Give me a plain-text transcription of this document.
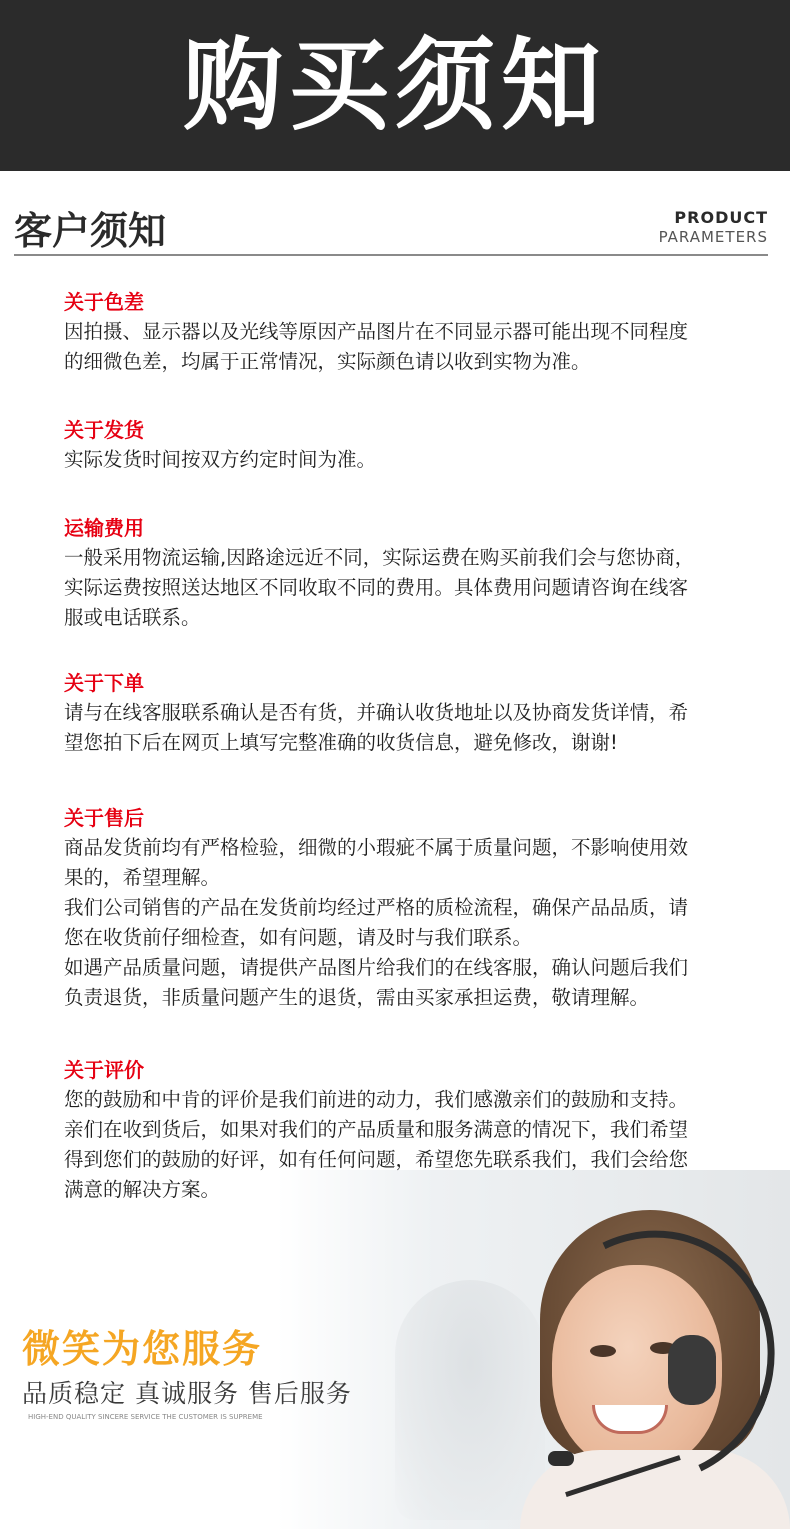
购买须知
客户须知	PRODUCT
PARAMETERS

关于色差

因拍摄、显示器以及光线等原因产品图片在不同显示器可能出现不同程度

的细微色差，均属于正常情况，实际颜色请以收到实物为准。

关于发货

实际发货时间按双方约定时间为准。

运输费用

一般采用物流运输,因路途远近不同，实际运费在购买前我们会与您协商，

实际运费按照送达地区不同收取不同的费用。具体费用问题请咨询在线客

服或电话联系。

关于下单

请与在线客服联系确认是否有货，并确认收货地址以及协商发货详情，希

望您拍下后在网页上填写完整准确的收货信息，避免修改，谢谢!

关于售后

商品发货前均有严格检验，细微的小瑕疵不属于质量问题，不影响使用效

果的，希望理解。

我们公司销售的产品在发货前均经过严格的质检流程，确保产品品质，请

您在收货前仔细检查，如有问题，请及时与我们联系。

如遇产品质量问题，请提供产品图片给我们的在线客服，确认问题后我们

负责退货，非质量问题产生的退货，需由买家承担运费，敬请理解。

关于评价

您的鼓励和中肯的评价是我们前进的动力，我们感激亲们的鼓励和支持。

亲们在收到货后，如果对我们的产品质量和服务满意的情况下，我们希望

得到您们的鼓励的好评，如有任何问题，希望您先联系我们，我们会给您

满意的解决方案。

微笑为您服务
品质稳定 真诚服务 售后服务
HIGH-END QUALITY SINCERE SERVICE THE CUSTOMER IS SUPREME
